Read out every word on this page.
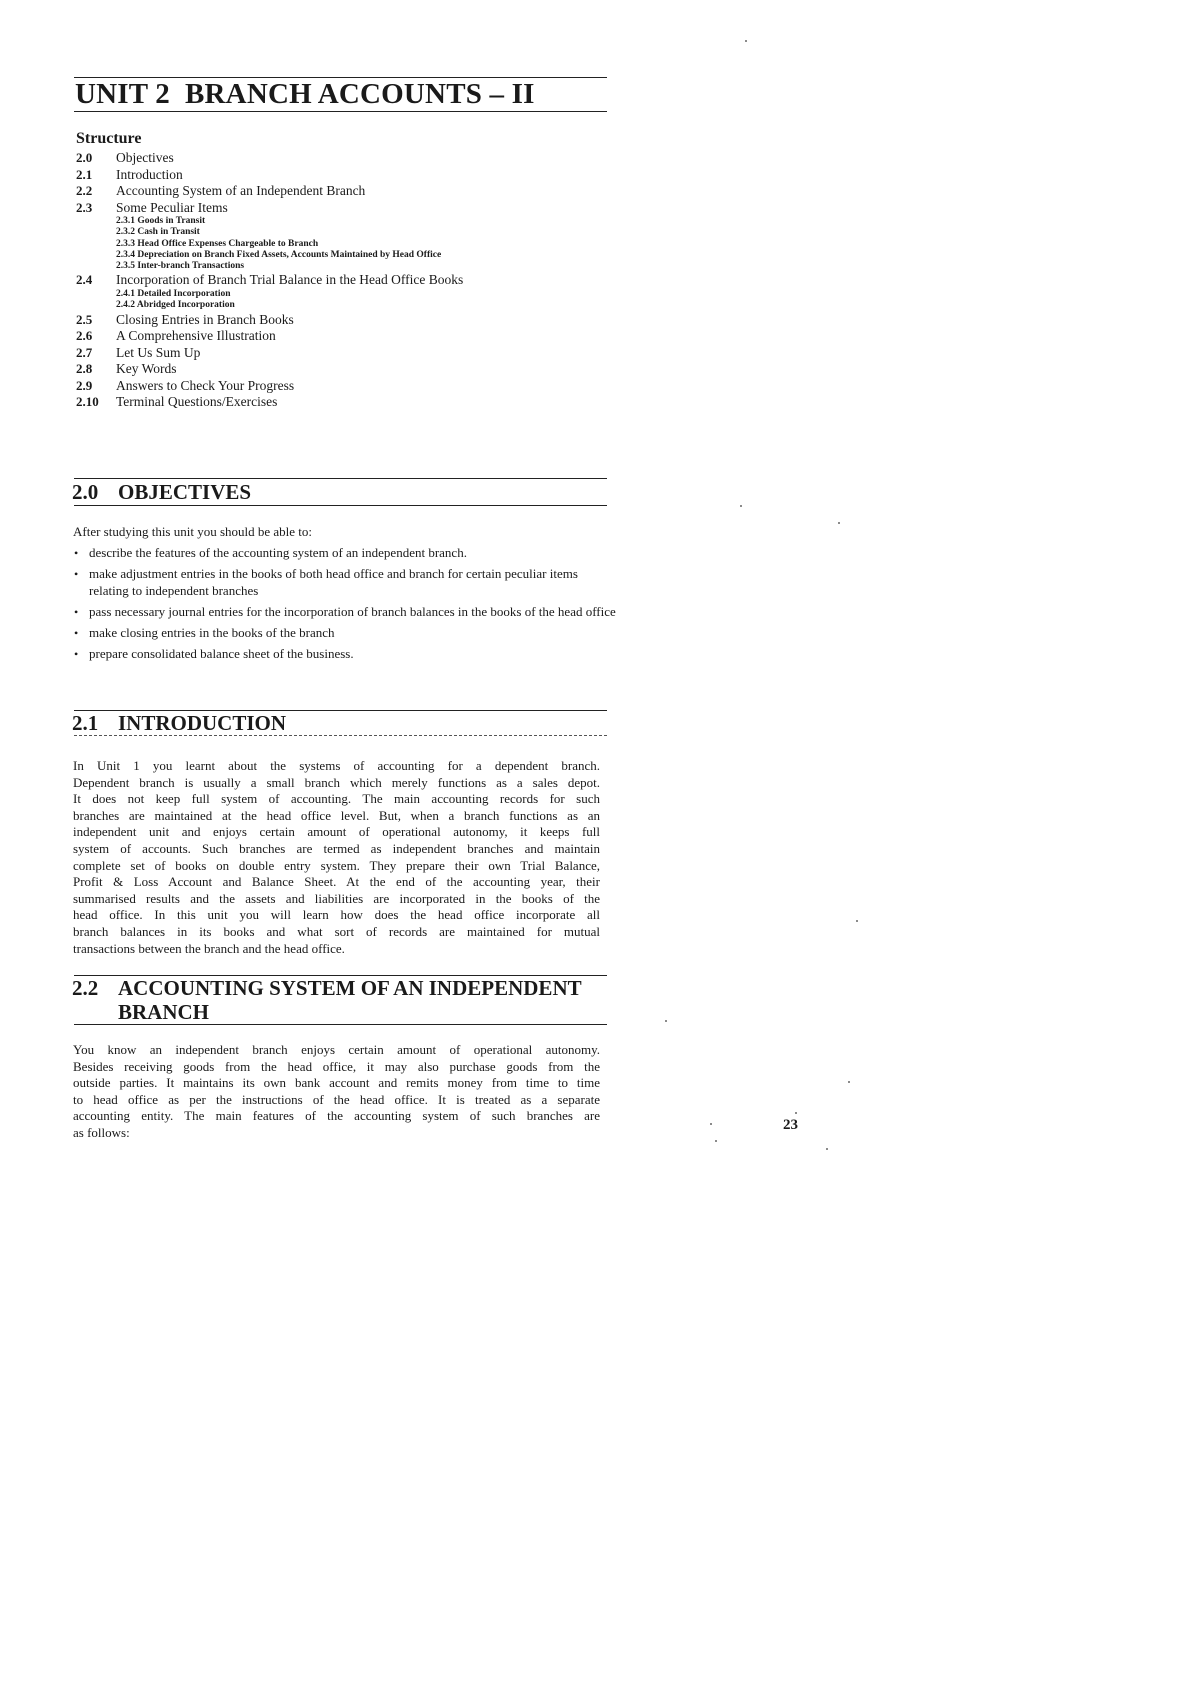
UNIT 2 BRANCH ACCOUNTS – II
Structure
2.0 Objectives
2.1 Introduction
2.2 Accounting System of an Independent Branch
2.3 Some Peculiar Items
2.3.1 Goods in Transit
2.3.2 Cash in Transit
2.3.3 Head Office Expenses Chargeable to Branch
2.3.4 Depreciation on Branch Fixed Assets, Accounts Maintained by Head Office
2.3.5 Inter-branch Transactions
2.4 Incorporation of Branch Trial Balance in the Head Office Books
2.4.1 Detailed Incorporation
2.4.2 Abridged Incorporation
2.5 Closing Entries in Branch Books
2.6 A Comprehensive Illustration
2.7 Let Us Sum Up
2.8 Key Words
2.9 Answers to Check Your Progress
2.10 Terminal Questions/Exercises
2.0 OBJECTIVES
After studying this unit you should be able to:
• describe the features of the accounting system of an independent branch.
• make adjustment entries in the books of both head office and branch for certain peculiar items relating to independent branches
• pass necessary journal entries for the incorporation of branch balances in the books of the head office
• make closing entries in the books of the branch
• prepare consolidated balance sheet of the business.
2.1 INTRODUCTION
In Unit 1 you learnt about the systems of accounting for a dependent branch.
Dependent branch is usually a small branch which merely functions as a sales depot.
It does not keep full system of accounting. The main accounting records for such
branches are maintained at the head office level. But, when a branch functions as an
independent unit and enjoys certain amount of operational autonomy, it keeps full
system of accounts. Such branches are termed as independent branches and maintain
complete set of books on double entry system. They prepare their own Trial Balance,
Profit & Loss Account and Balance Sheet. At the end of the accounting year, their
summarised results and the assets and liabilities are incorporated in the books of the
head office. In this unit you will learn how does the head office incorporate all
branch balances in its books and what sort of records are maintained for mutual
transactions between the branch and the head office.
2.2 ACCOUNTING SYSTEM OF AN INDEPENDENT
BRANCH
You know an independent branch enjoys certain amount of operational autonomy.
Besides receiving goods from the head office, it may also purchase goods from the
outside parties. It maintains its own bank account and remits money from time to time
to head office as per the instructions of the head office. It is treated as a separate
accounting entity. The main features of the accounting system of such branches are
as follows:	23
